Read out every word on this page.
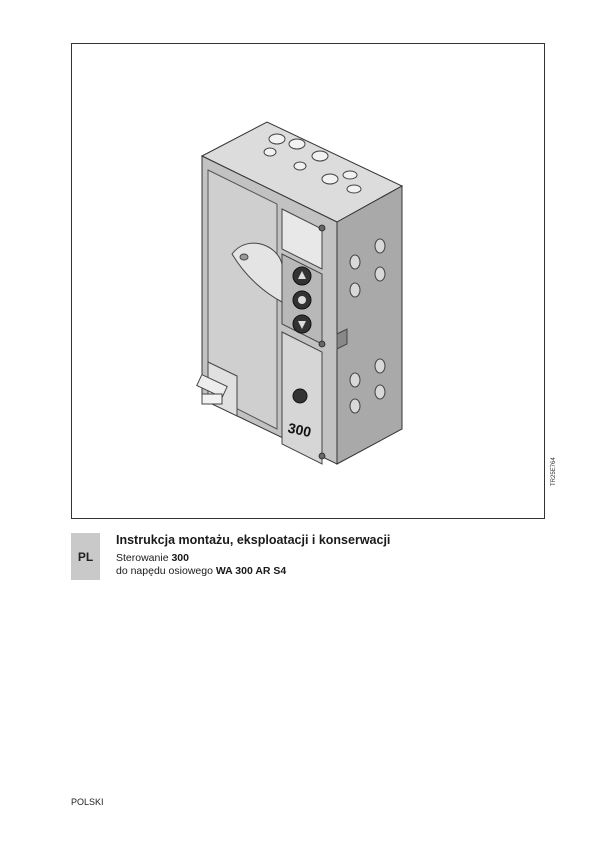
300
TR25E764
PL

Instrukcja montażu, eksploatacji i konserwacji

Sterowanie 300

do napędu osiowego WA 300 AR S4

POLSKI
